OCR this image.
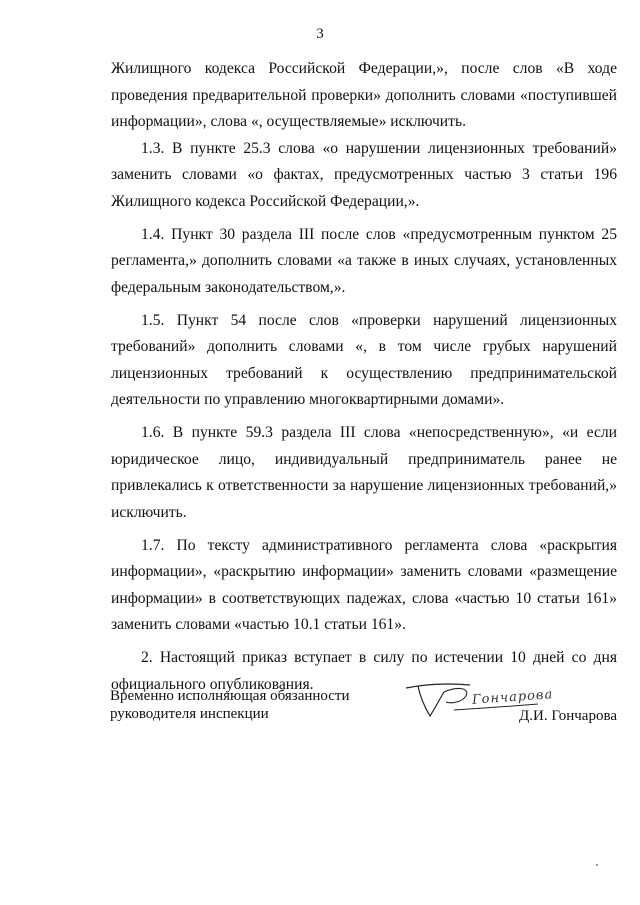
3

Жилищного кодекса Российской Федерации,», после слов «В ходе проведения предварительной проверки» дополнить словами «поступившей информации», слова «, осуществляемые» исключить.

1.3. В пункте 25.3 слова «о нарушении лицензионных требований» заменить словами «о фактах, предусмотренных частью 3 статьи 196 Жилищного кодекса Российской Федерации,».

1.4. Пункт 30 раздела III после слов «предусмотренным пунктом 25 регламента,» дополнить словами «а также в иных случаях, установленных федеральным законодательством,».

1.5. Пункт 54 после слов «проверки нарушений лицензионных требований» дополнить словами «, в том числе грубых нарушений лицензионных требований к осуществлению предпринимательской деятельности по управлению многоквартирными домами».

1.6. В пункте 59.3 раздела III слова «непосредственную», «и если юридическое лицо, индивидуальный предприниматель ранее не привлекались к ответственности за нарушение лицензионных требований,» исключить.

1.7. По тексту административного регламента слова «раскрытия информации», «раскрытию информации» заменить словами «размещение информации» в соответствующих падежах, слова «частью 10 статьи 161» заменить словами «частью 10.1 статьи 161».

2. Настоящий приказ вступает в силу по истечении 10 дней со дня официального опубликования.

Временно исполняющая обязанности
руководителя инспекции
Гончарова
Д.И. Гончарова
